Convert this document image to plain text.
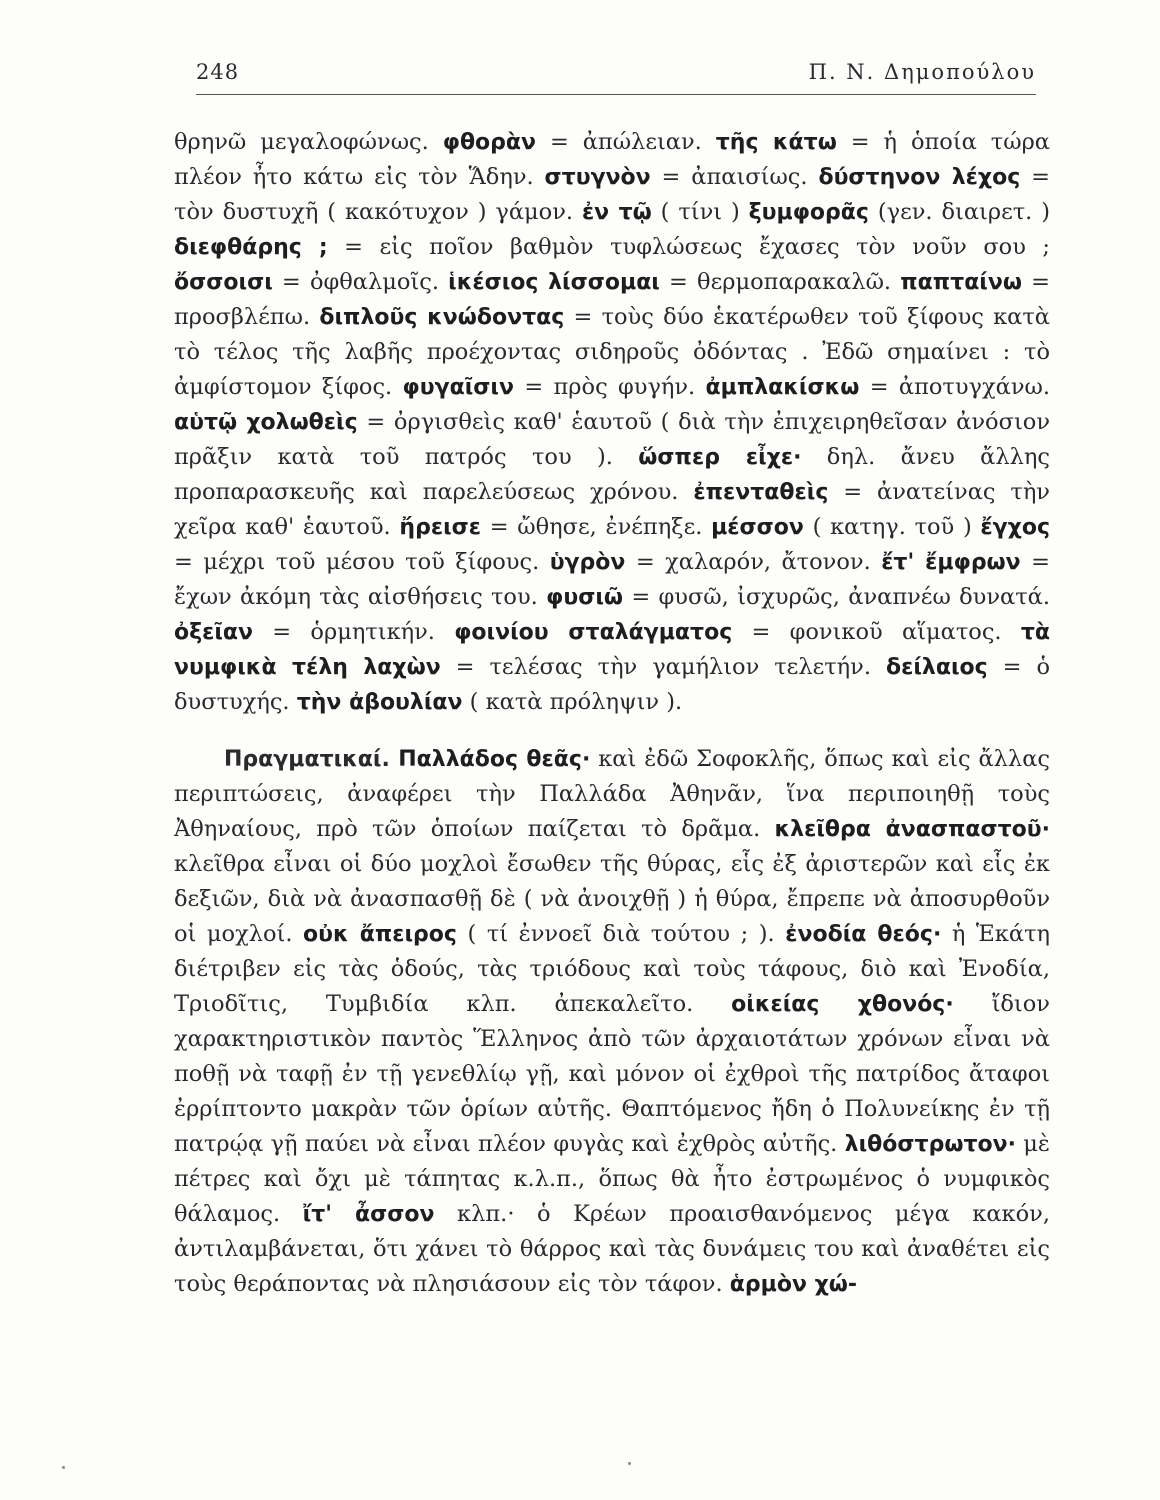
248	Π. Ν. Δημοπούλου

θρηνῶ μεγαλοφώνως. φθορὰν = ἀπώλειαν. τῆς κάτω = ἡ ὁποία τώρα πλέον ἦτο κάτω εἰς τὸν Ἅδην. στυγνὸν = ἀπαισίως. δύστηνον λέχος = τὸν δυστυχῆ ( κακότυχον ) γάμον. ἐν τῷ ( τίνι ) ξυμφορᾶς (γεν. διαιρετ. ) διεφθάρης ; = εἰς ποῖον βαθμὸν τυφλώσεως ἔχασες τὸν νοῦν σου ; ὄσσοισι = ὀφθαλμοῖς. ἱκέσιος λίσσομαι = θερμοπαρακαλῶ. παπταίνω = προσβλέπω. διπλοῦς κνώδοντας = τοὺς δύο ἑκατέρωθεν τοῦ ξίφους κατὰ τὸ τέλος τῆς λαβῆς προέχοντας σιδηροῦς ὀδόντας . Ἐδῶ σημαίνει : τὸ ἀμφίστομον ξίφος. φυγαῖσιν = πρὸς φυγήν. ἀμπλακίσκω = ἀποτυγχάνω. αὑτῷ χολωθεὶς = ὀργισθεὶς καθ' ἑαυτοῦ ( διὰ τὴν ἐπιχειρηθεῖσαν ἀνόσιον πρᾶξιν κατὰ τοῦ πατρός του ). ὥσπερ εἶχε· δηλ. ἄνευ ἄλλης προπαρασκευῆς καὶ παρελεύσεως χρόνου. ἐπενταθεὶς = ἀνατείνας τὴν χεῖρα καθ' ἑαυτοῦ. ἤρεισε = ὤθησε, ἐνέπηξε. μέσσον ( κατηγ. τοῦ ) ἔγχος = μέχρι τοῦ μέσου τοῦ ξίφους. ὑγρὸν = χαλαρόν, ἄτονον. ἔτ' ἔμφρων = ἔχων ἀκόμη τὰς αἰσθήσεις του. φυσιῶ = φυσῶ, ἰσχυρῶς, ἀναπνέω δυνατά. ὀξεῖαν = ὁρμητικήν. φοινίου σταλάγματος = φονικοῦ αἵματος. τὰ νυμφικὰ τέλη λαχὼν = τελέσας τὴν γαμήλιον τελετήν. δείλαιος = ὁ δυστυχής. τὴν ἀβουλίαν ( κατὰ πρόληψιν ).

Πραγματικαί. Παλλάδος θεᾶς· καὶ ἐδῶ Σοφοκλῆς, ὅπως καὶ εἰς ἄλλας περιπτώσεις, ἀναφέρει τὴν Παλλάδα Ἀθηνᾶν, ἵνα περιποιηθῇ τοὺς Ἀθηναίους, πρὸ τῶν ὁποίων παίζεται τὸ δρᾶμα. κλεῖθρα ἀνασπαστοῦ· κλεῖθρα εἶναι οἱ δύο μοχλοὶ ἔσωθεν τῆς θύρας, εἷς ἐξ ἀριστερῶν καὶ εἷς ἐκ δεξιῶν, διὰ νὰ ἀνασπασθῇ δὲ ( νὰ ἀνοιχθῇ ) ἡ θύρα, ἔπρεπε νὰ ἀποσυρθοῦν οἱ μοχλοί. οὐκ ἄπειρος ( τί ἐννοεῖ διὰ τούτου ; ). ἐνοδία θεός· ἡ Ἑκάτη διέτριβεν εἰς τὰς ὁδούς, τὰς τριόδους καὶ τοὺς τάφους, διὸ καὶ Ἐνοδία, Τριοδῖτις, Τυμβιδία κλπ. ἀπεκαλεῖτο. οἰκείας χθονός· ἴδιον χαρακτηριστικὸν παντὸς Ἕλληνος ἀπὸ τῶν ἀρχαιοτάτων χρόνων εἶναι νὰ ποθῇ νὰ ταφῇ ἐν τῇ γενεθλίῳ γῇ, καὶ μόνον οἱ ἐχθροὶ τῆς πατρίδος ἄταφοι ἐρρίπτοντο μακρὰν τῶν ὁρίων αὐτῆς. Θαπτόμενος ἤδη ὁ Πολυνείκης ἐν τῇ πατρῴᾳ γῇ παύει νὰ εἶναι πλέον φυγὰς καὶ ἐχθρὸς αὐτῆς. λιθόστρωτον· μὲ πέτρες καὶ ὄχι μὲ τάπητας κ.λ.π., ὅπως θὰ ἦτο ἐστρωμένος ὁ νυμφικὸς θάλαμος. ἴτ' ἆσσον κλπ.· ὁ Κρέων προαισθανόμενος μέγα κακόν, ἀντιλαμβάνεται, ὅτι χάνει τὸ θάρρος καὶ τὰς δυνάμεις του καὶ ἀναθέτει εἰς τοὺς θεράποντας νὰ πλησιάσουν εἰς τὸν τάφον. ἁρμὸν χώ-
